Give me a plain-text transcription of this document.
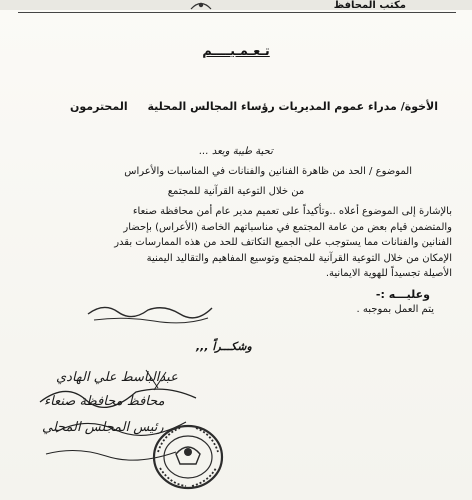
مكتب المحافظ
تـعـمـيــــم
الأخوة/ مدراء عموم المديريات رؤساء المجالس المحلية
المحترمون
تحية طيبة وبعد ...
الموضوع / الحد من ظاهرة الفنانين والفنانات في المناسبات والأعراس
من خلال التوعية القرآنية للمجتمع
بالإشارة إلى الموضوع أعلاه ..وتأكيداً على تعميم مدير عام أمن محافظة صنعاء
والمتضمن قيام بعض من عامة المجتمع في مناسباتهم الخاصة (الأعراس) بإحضار
الفنانين والفنانات مما يستوجب على الجميع التكاتف للحد من هذه الممارسات بقدر
الإمكان من خلال التوعية القرآنية للمجتمع وتوسيع المفاهيم والتقاليد اليمنية
الأصيلة تجسيداً للهوية الايمانية.
وعليـــه :-
يتم العمل بموجبه .
وشكـــراً ,,,
عبدالباسط علي الهادي
محافظ محافظة صنعاء
رئيس المجلس المحلي
